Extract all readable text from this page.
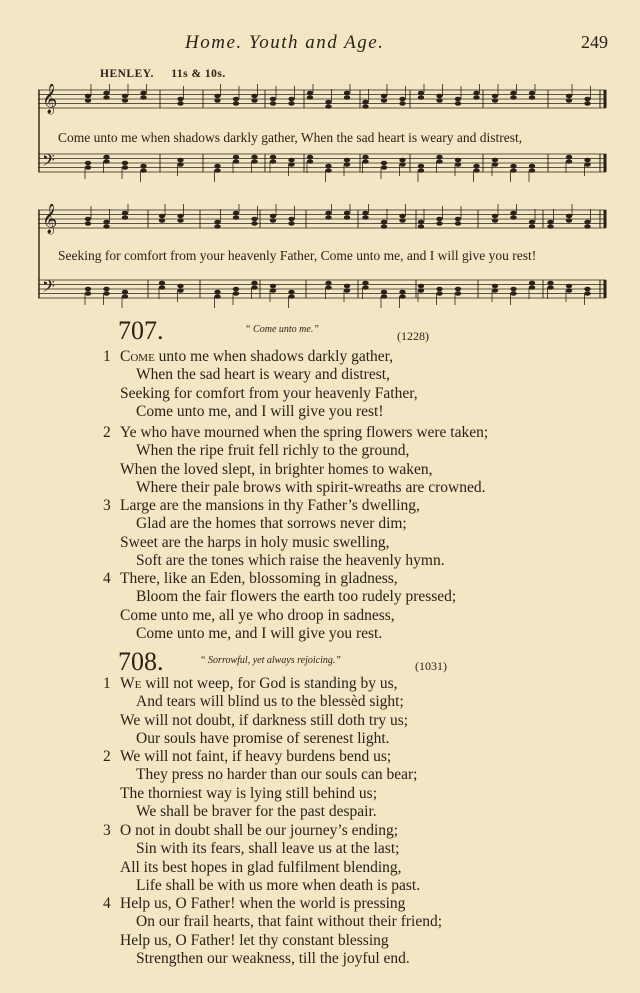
Home. Youth and Age.	249
HENLEY. 11s & 10s.
𝄞
𝄢
Come unto me when shadows darkly gather, When the sad heart is weary and distrest,
𝄞
𝄢
Seeking for comfort from your heavenly Father, Come unto me, and I will give you rest!
707.	“ Come unto me.”	(1228)
1 Come unto me when shadows darkly gather,
When the sad heart is weary and distrest,
Seeking for comfort from your heavenly Father,
Come unto me, and I will give you rest!
2 Ye who have mourned when the spring flowers were taken;
When the ripe fruit fell richly to the ground,
When the loved slept, in brighter homes to waken,
Where their pale brows with spirit-wreaths are crowned.
3 Large are the mansions in thy Father’s dwelling,
Glad are the homes that sorrows never dim;
Sweet are the harps in holy music swelling,
Soft are the tones which raise the heavenly hymn.
4 There, like an Eden, blossoming in gladness,
Bloom the fair flowers the earth too rudely pressed;
Come unto me, all ye who droop in sadness,
Come unto me, and I will give you rest.
708.	“ Sorrowful, yet always rejoicing.”	(1031)
1 We will not weep, for God is standing by us,
And tears will blind us to the blessèd sight;
We will not doubt, if darkness still doth try us;
Our souls have promise of serenest light.
2 We will not faint, if heavy burdens bend us;
They press no harder than our souls can bear;
The thorniest way is lying still behind us;
We shall be braver for the past despair.
3 O not in doubt shall be our journey’s ending;
Sin with its fears, shall leave us at the last;
All its best hopes in glad fulfilment blending,
Life shall be with us more when death is past.
4 Help us, O Father! when the world is pressing
On our frail hearts, that faint without their friend;
Help us, O Father! let thy constant blessing
Strengthen our weakness, till the joyful end.
